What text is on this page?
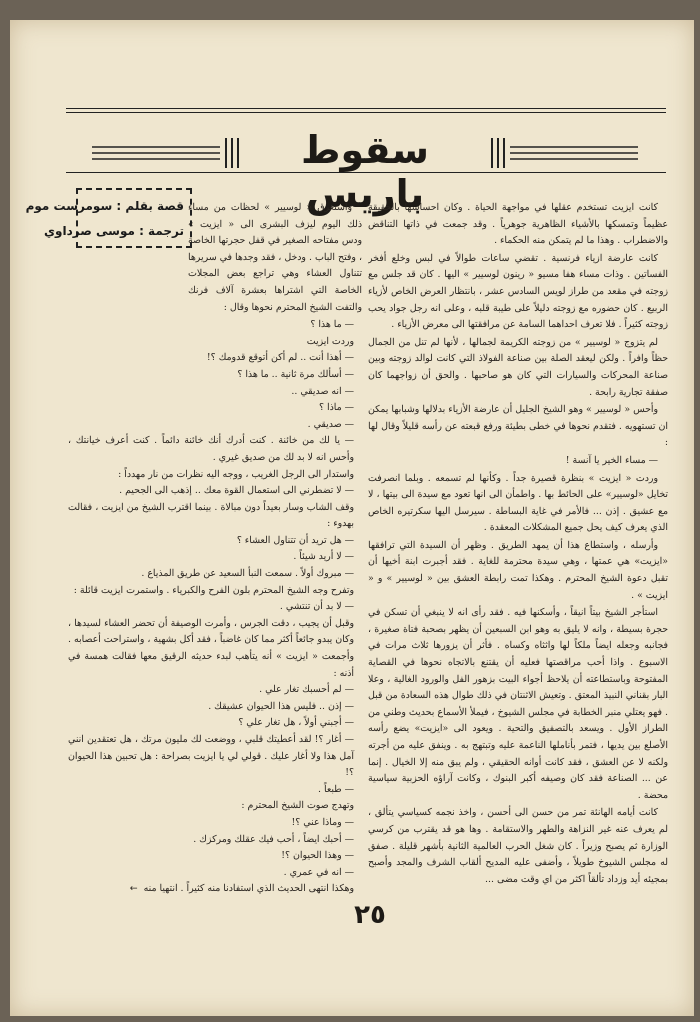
سقوط باريس
قصة بقلم : سومرست موم
ترجمة : موسى صرداوي

كانت ايزيت تستخدم عقلها في مواجهة الحياة . وكان احساسها بالحقيقة عظيماً وتمسكها بالأشياء الظاهرية جوهرياً . وقد جمعت في ذاتها التناقض والاضطراب . وهذا ما لم يتمكن منه الحكماء .

كانت عارضة ازياء فرنسية . تقضي ساعات طوالاً في لبس وخلع أفخر الفساتين . وذات مساء هفا مسيو « رينون لوسيير » اليها . كان قد جلس مع زوجته في مقعد من طراز لويس السادس عشر ، بانتظار العرض الخاص لأزياء الربيع . كان حضوره مع زوجته دليلاً على طيبة قلبه ، وعلى انه رجل جواد يحب زوجته كثيراً . فلا تعرف احداهما السامة عن مرافقتها الى معرض الأزياء .

لم يتزوج « لوسيير » من زوجته الكريمة لجمالها ، لأنها لم تنل من الجمال حظاً وافراً . ولكن ليعقد الصلة بين صناعة الفولاذ التي كانت لوالد زوجته وبين صناعة المحركات والسيارات التي كان هو صاحبها . والحق أن زواجهما كان صفقة تجارية رابحة .

وأحس « لوسيير » وهو الشيخ الجليل أن عارضة الأزياء بدلالها وشبابها يمكن ان تستهويه . فتقدم نحوها في خطى بطيئة ورفع قبعته عن رأسه قليلاً وقال لها :

— مساء الخير يا آنسة !

وردت « ايزيت » بنظرة قصيرة جداً . وكأنها لم تسمعه . وبلما انصرفت تخايل «لوسيير» على الحائط بها . واطمأن الى انها تعود مع سيدة الى بيتها ، لا مع عشيق . إذن ... فالأمر في غاية البساطة . سيرسل اليها سكرتيره الخاص الذي يعرف كيف يحل جميع المشكلات المعقدة .

وأرسله ، واستطاع هذا أن يمهد الطريق . وظهر أن السيدة التي ترافقها «ايزيت» هي عمتها ، وهي سيدة محترمة للغاية . فقد أجبرت ابنة أخيها أن تقبل دعوة الشيخ المحترم . وهكذا تمت رابطة العشق بين « لوسيير » و « ايزيت » .

استأجر الشيخ بيتاً انيقاً ، وأسكنها فيه . فقد رأى انه لا ينبغي أن تسكن في حجرة بسيطة ، وانه لا يليق به وهو ابن السبعين أن يظهر بصحبة فتاة صغيرة ، فجانبه وجعله ايضاً ملكاً لها واثثاه وكساه . فأثر أن يزورها ثلاث مرات في الاسبوع . واذا أحب مراقصتها فعليه أن يقتنع بالاتجاه نحوها في القصاية المفتوحة وباستطاعته أن يلاحظ أجواء البيت بزهور الفل والورود الغالية ، وعلا البار بقناني النبيذ المعتق . وتعيش الاثنتان في ذلك طوال هذه السعادة من قبل . فهو يعتلي منبر الخطابة في مجلس الشيوخ ، فيملأ الأسماع بحديث وطني من الطراز الأول . ويسعد بالتصفيق والتحية . ويعود الى «ايزيت» يضع رأسه الأصلع بين يديها ، فتمر بأناملها الناعمة عليه وتبتهج به . وينفق عليه من أجرته ولكنه لا عن العشق ، فقد كانت أوانه الحقيقي ، ولم يبق منه إلا الخيال . إنما عن ... الصناعة فقد كان وصيفه أكبر البنوك ، وكانت آراؤه الحزبية سياسية محضة .

كانت أيامه الهانئة تمر من حسن الى أحسن ، واخذ نجمه كسياسي يتألق ، لم يعرف عنه غير النزاهة والطهر والاستقامة . وها هو قد يقترب من كرسي الوزارة ثم يصبح وزيراً . كان شغل الحرب العالمية الثانية بأشهر قليلة . صفق له مجلس الشيوخ طويلاً ، وأضفى عليه المديح ألقاب الشرف والمجد وأصبح بمجيئه أيد وزداد تألقاً اكثر من اي وقت مضى ...

واستغرق « لوسيير » لحظات من مساء ذلك اليوم ليزف البشرى الى « ايزيت » ودس مفتاحه الصغير في قفل حجرتها الخاصة ، وفتح الباب . ودخل ، فقد وجدها في سريرها تتناول العشاء وهي تراجع بعض المجلات الخاصة التي اشتراها بعشرة آلاف فرنك والتفت الشيخ المحترم نحوها وقال :

— ما هذا ؟
وردت ايزيت
— أهذا أنت .. لم أكن أتوقع قدومك ؟!
— أسألك مرة ثانية .. ما هذا ؟
— انه صديقي ..
— ماذا ؟
— صديقي .
— يا لك من خائنة . كنت أدرك أنك خائنة دائماً . كنت أعرف خيانتك ، وأحس انه لا بد لك من صديق غيري .
واستدار الى الرجل الغريب ، ووجه اليه نظرات من نار مهدداً :
— لا تضطرني الى استعمال القوة معك .. إذهب الى الجحيم .
وقف الشاب وسار بعيداً دون مبالاة . بينما اقترب الشيخ من ايزيت ، فقالت بهدوء :
— هل تريد أن تتناول العشاء ؟
— لا أريد شيئاً .
— مبروك أولاً . سمعت النبأ السعيد عن طريق المذياع .
وتفرح وجه الشيخ المحترم بلون الفرح والكبرياء . واستمرت ايزيت قائلة :
— لا بد أن تنتشي .
وقبل أن يجيب ، دقت الجرس ، وأمرت الوصيفة أن تحضر العشاء لسيدها ، وكان يبدو جائعاً أكثر مما كان غاضباً ، فقد أكل بشهية ، واستراحت أعصابه . وأجمعت « ايزيت » أنه يتأهب لبدء حديثه الرقيق معها فقالت همسة في أذنه :
— لم أحسبك تغار علي .
— إذن .. فليس هذا الحيوان عشيقك .
— أجبني أولاً ، هل تغار علي ؟
— أغار ؟! لقد أعطيتك قلبي ، ووضعت لك مليون مرتك ، هل تعتقدين انني آمل هذا ولا أغار عليك . قولي لي يا ايزيت بصراحة : هل تحبين هذا الحيوان ؟!
— طبعاً .
وتهدج صوت الشيخ المحترم :
— وماذا عني ؟!
— أحبك ايضاً ، أحب فيك عقلك ومركزك .
— وهذا الحيوان ؟!
— انه في عمري .
وهكذا انتهى الحديث الذي استفادنا منه كثيراً . انتهيا منه←
٢٥
